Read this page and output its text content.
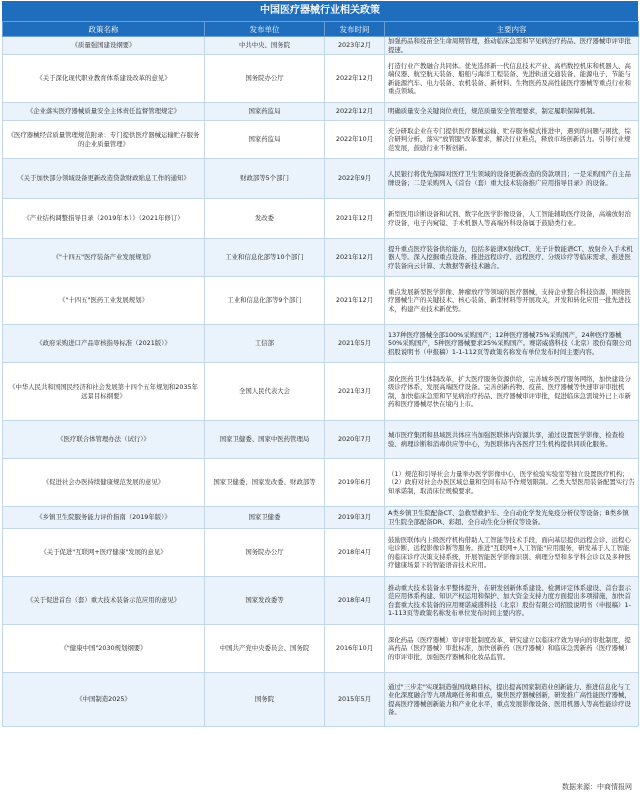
中国医疗器械行业相关政策
政策名称	发布单位	发布时间	主要内容
《质量强国建设纲要》	中共中央、国务院	2023年2月	加强药品和疫苗全生命周期管理，推动临床急需和罕见病治疗药品、医疗器械审评审批提速。
《关于深化现代职业教育体系建设改革的意见》	国务院办公厅	2022年12月	打造行业产教融合共同体。优先选择新一代信息技术产业、高档数控机床和机器人、高端仪器、航空航天装备、船舶与海洋工程装备、先进轨道交通装备、能源电子、节能与新能源汽车、电力装备、农机装备、新材料、生物医药及高性能医疗器械等重点行业和重点领域。
《企业落实医疗器械质量安全主体责任监督管理规定》	国家药监局	2022年12月	明确质量安全关键岗位责任，规范质量安全管理要求，制定履职保障机制。
《医疗器械经营质量管理规范附录：专门提供医疗器械运输贮存服务的企业质量管理》	国家药监局	2022年10月	充分研取企业在专门提供医疗器械运输、贮存服务模式推进中，遇到的问题与困扰，综合研判分析，落实"放管服"改革要求，解决行业难点，释放市场创新活力。引导行业规范发展，鼓励行业不断创新。
《关于加快部分领域设备更新改造贷款财政贴息工作的通知》	财政部等5个部门	2022年9月	人民银行将优先保障对医疗卫生领域的设备更新改造的贷款项目；一是采购国产自主品牌设备；二是采购列入《首台（套）重大技术装备推广应用指导目录》的设备。
《产业结构调整指导目录（2019年本）》（2021年修订）	发改委	2021年12月	新型医用诊断设备和试剂、数字化医学影像设备，人工智能辅助医疗设备，高端放射治疗设备，电子内窥镜、手术机器人等高端外科设备属于鼓励类行业。
《"十四五"医疗装备产业发展规划》	工业和信息化部等10个部门	2021年12月	提升重点医疗装备供给能力，包括多能谱X射线CT、光子计数能谱CT、放射介入手术机器人等。深入挖掘重点设备、推进远程诊疗、远程医疗、分级诊疗等临床需求，推进医疗装备向云计算、大数据等新技术融合。
《"十四五"医药工业发展规划》	工业和信息化部等9个部门	2021年12月	重点发展新型医学影像、肿瘤放疗等领域的医疗器械，支持企业整合科技资源，围绕医疗器械生产的关键技术、核心装备、新型材料等开展攻关，开发和转化应用一批先进技术，构建产业技术新优势。
《政府采购进口产品审核指导标准（2021版）》	工信部	2021年5月	137种医疗器械全部100%采购国产；12种医疗器械75%采购国产，24种医疗器械50%采购国产，5种医疗器械要求25%采购国产。赛诺威盛科技（北京）股份有限公司招股说明书（申报稿）1-1-112页等政策名称发布单位发布时间主要内容。
《中华人民共和国国民经济和社会发展第十四个五年规划和2035年远景目标纲要》	全国人民代表大会	2021年3月	深化医药卫生体制改革，扩大医疗服务资源供给，完善城乡医疗服务网络，加快建设分级诊疗体系，发展高端医疗设备。完善创新药物、疫苗、医疗器械等快速审评审批机制，加快临床急需和罕见病治疗药品、医疗器械审评审批，促进临床急需境外已上市新药和医疗器械尽快在境内上市。
《医疗联合体管理办法（试行）》	国家卫健委、国家中医药管理局	2020年7月	城市医疗集团和县域医共体应当加强医联体内资源共享，通过设置医学影像、检查检验、病理诊断和消毒供应等中心，为医联体内各医疗卫生机构提供同质化服务。
《促进社会办医持续健康规范发展的意见》	国家卫健委、国家发改委、财政部等	2019年6月	（1）规范和引导社会力量举办医学影像中心，医学检验实验室等独立设置医疗机构；（2）政府对社会办医区域总量和空间布局不作规划限制。乙类大型医用装备配置实行告知承诺制，取消床位规模要求。
《乡镇卫生院服务能力评价指南（2019年版）》	国家卫健委	2019年3月	A类乡镇卫生院配备CT、急救型救护车、全自动化学发光免疫分析仪等设备；B类乡镇卫生院全部配备DR、彩超、全自动生化分析仪等设备。
《关于促进"互联网+医疗健康"发展的意见》	国务院办公厅	2018年4月	鼓励医联体内上级医疗机构借助人工智能等技术手段，面向基层提供远程会诊、远程心电诊断、远程影像诊断等服务。推进"互联网+人工智能"应用服务，研发基于人工智能的临床诊疗决策支持系统，开展智能医学影像识别、病理分型和多学科会诊以及多种医疗健康场景下的智能语音技术应用。
《关于促进首台（套）重大技术装备示范应用的意见》	国家发改委等	2018年4月	推动重大技术装备水平整体提升，在研发创新体系建设、检测评定体系建设、首台套示范应用体系构建、知识产权运用和保护、加大资金支持力度方面提出多项措施，加快首台套重大技术装备的应用赛诺威盛科技（北京）股份有限公司招股说明书（申报稿）1-1-113页等政策名称发布单位发布时间主要内容。
《"健康中国"2030规划纲要》	中国共产党中央委员会、国务院	2016年10月	深化药品（医疗器械）审评审批制度改革，研究建立以临床疗效为导向的审批制度，提高药品（医疗器械）审批标准，加快创新药（医疗器械）和临床急需新药（医疗器械）的审评审批，加强医疗器械和化妆品监管。
《中国制造2025》	国务院	2015年5月	通过"三步走"实现制造强国战略目标，提出提高国家制造业创新能力、推进信息化与工业化深度融合等九项战略任务和重点，聚焦医疗器械创新，研发推广高性能医疗器械，提高医疗器械创新能力和产业化水平，重点发展影像设备、医用机器人等高性能诊疗设备。
数据来源：中商情报网
